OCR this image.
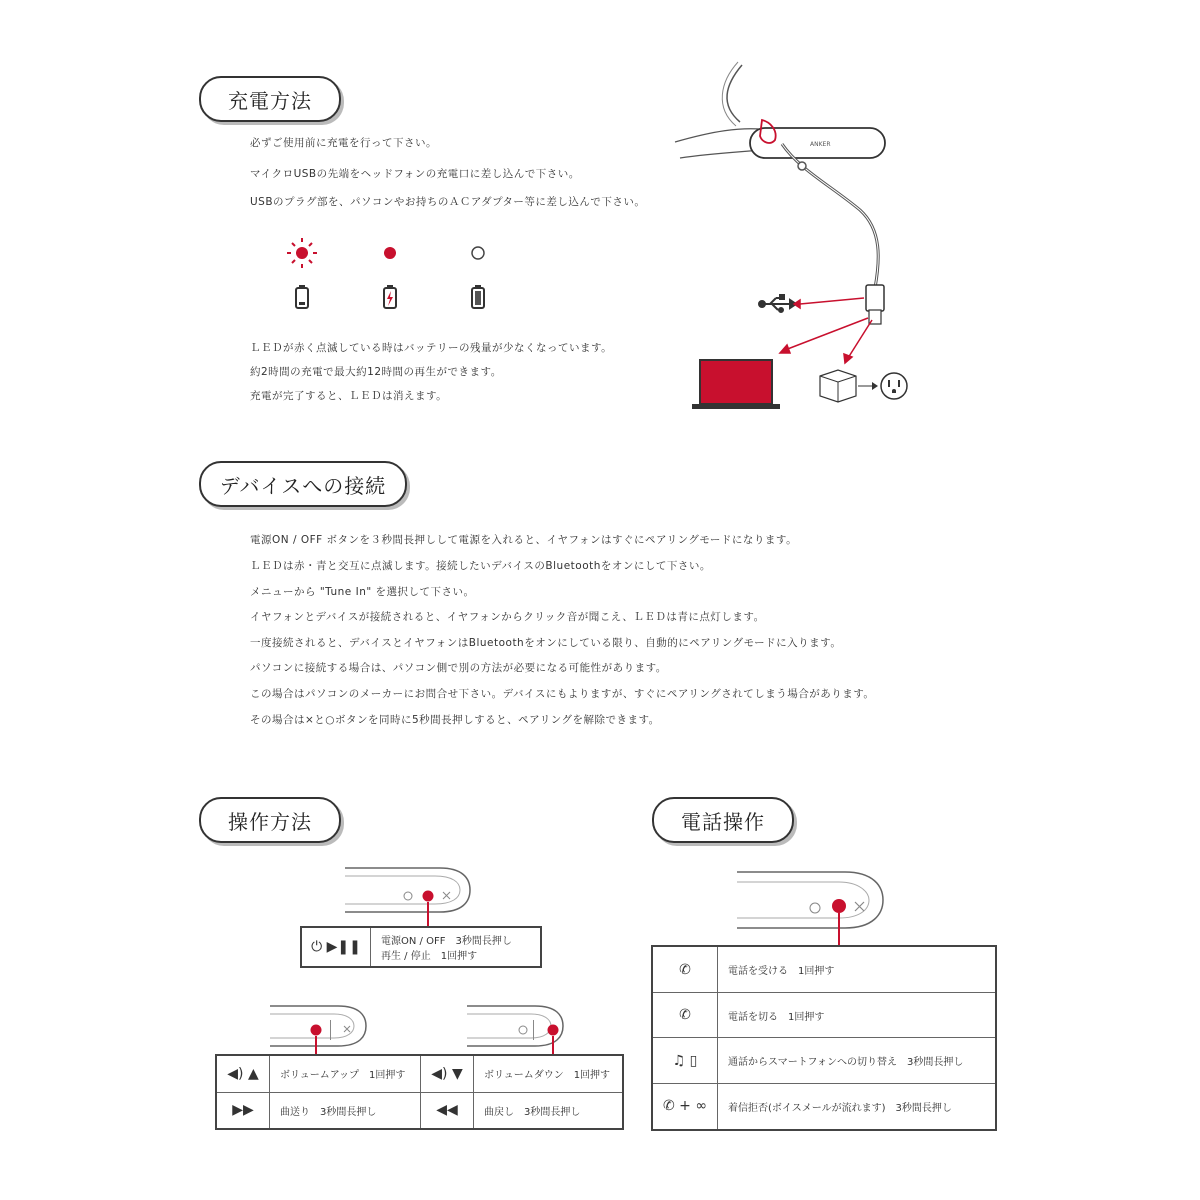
充電方法
必ずご使用前に充電を行って下さい。
マイクロUSBの先端をヘッドフォンの充電口に差し込んで下さい。
USBのプラグ部を、パソコンやお持ちのＡＣアダプター等に差し込んで下さい。
ＬＥＤが赤く点滅している時はバッテリーの残量が少なくなっています。
約2時間の充電で最大約12時間の再生ができます。
充電が完了すると、ＬＥＤは消えます。
ANKER
デバイスへの接続
電源ON / OFF ボタンを３秒間長押しして電源を入れると、イヤフォンはすぐにペアリングモードになります。
ＬＥＤは赤・青と交互に点滅します。接続したいデバイスのBluetoothをオンにして下さい。
メニューから "Tune In" を選択して下さい。
イヤフォンとデバイスが接続されると、イヤフォンからクリック音が聞こえ、ＬＥＤは青に点灯します。
一度接続されると、デバイスとイヤフォンはBluetoothをオンにしている限り、自動的にペアリングモードに入ります。
パソコンに接続する場合は、パソコン側で別の方法が必要になる可能性があります。
この場合はパソコンのメーカーにお問合せ下さい。デバイスにもよりますが、すぐにペアリングされてしまう場合があります。
その場合は×と○ボタンを同時に5秒間長押しすると、ペアリングを解除できます。
操作方法
⏻ ▶❚❚	電源ON / OFF　3秒間長押し
再生 / 停止　1回押す
◀) ▲	ボリュームアップ　1回押す	◀) ▼	ボリュームダウン　1回押す
▶▶	曲送り　3秒間長押し	◀◀	曲戻し　3秒間長押し
電話操作
✆	電話を受ける　1回押す
✆	電話を切る　1回押す
♫ ▯	通話からスマートフォンへの切り替え　3秒間長押し
✆ + ∞	着信拒否(ボイスメールが流れます)　3秒間長押し
